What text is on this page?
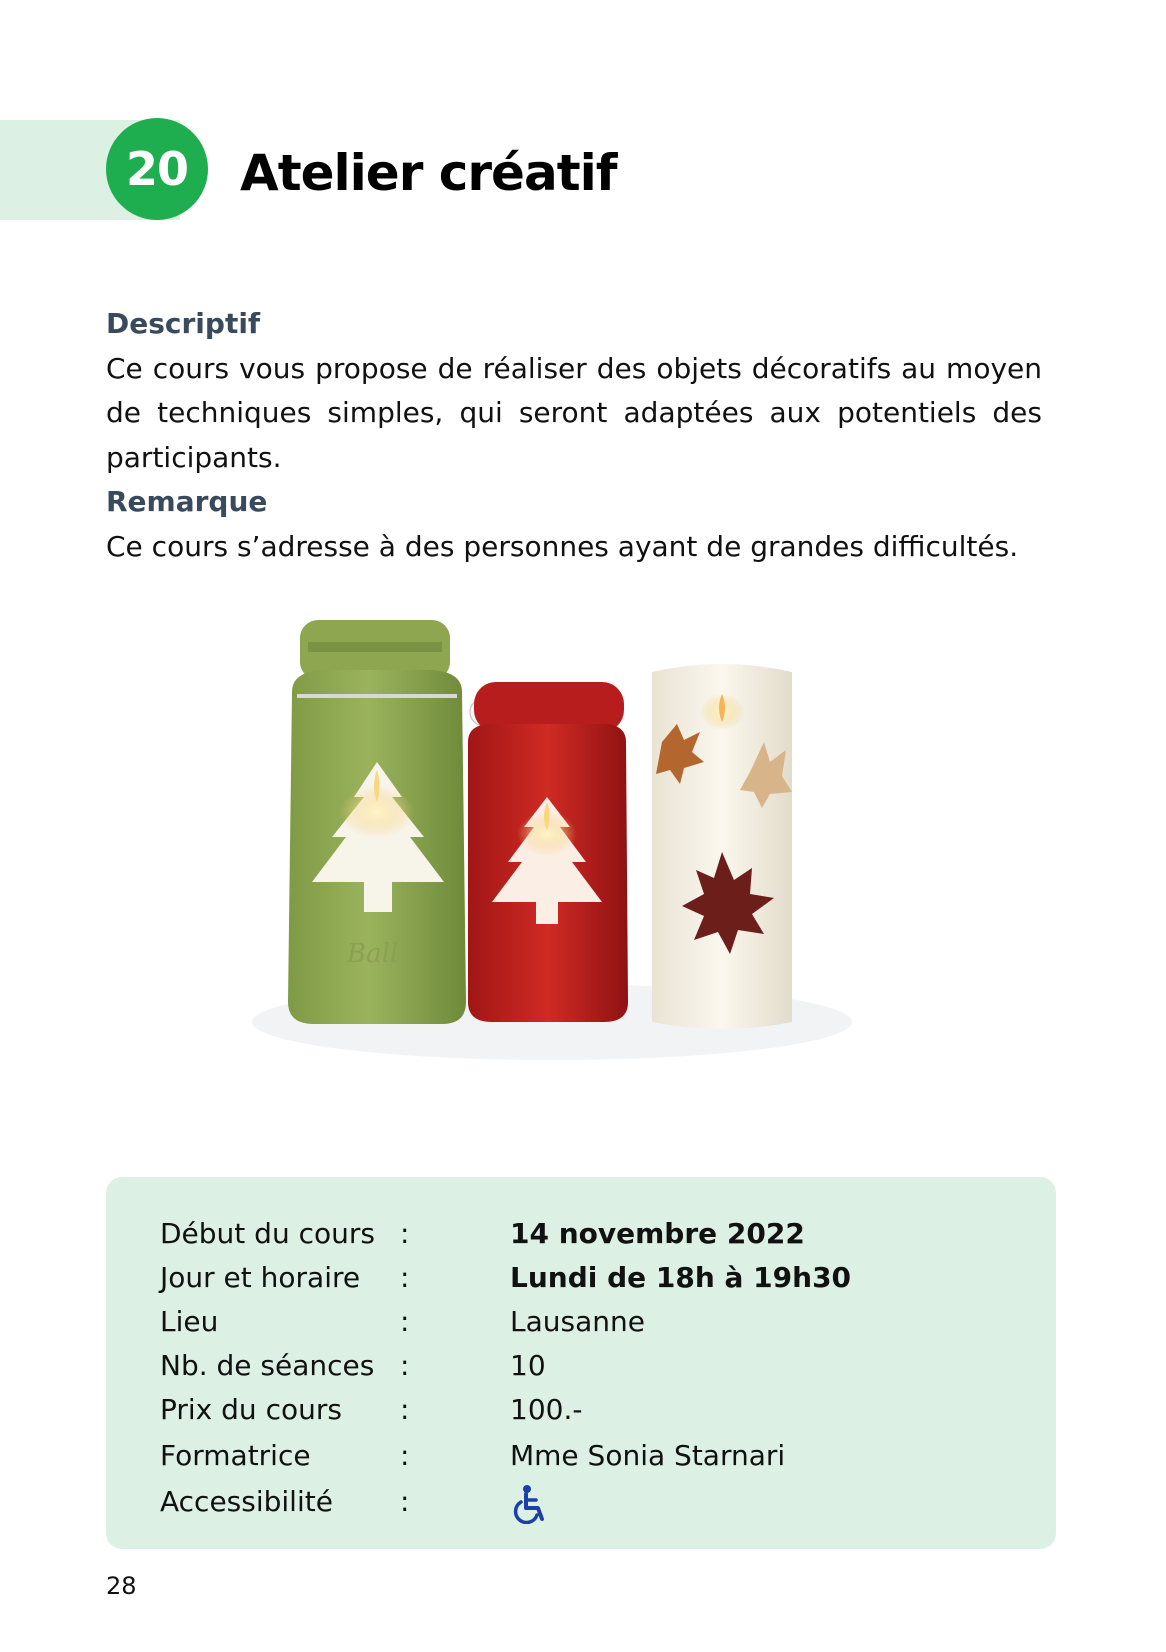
20	Atelier créatif
Descriptif

Ce cours vous propose de réaliser des objets décoratifs au moyen de techniques simples, qui seront adaptées aux potentiels des participants.

Remarque

Ce cours s’adresse à des personnes ayant de grandes difficultés.

Ball
Début du cours :	14 novembre 2022
Jour et horaire :	Lundi de 18h à 19h30
Lieu	:	Lausanne
Nb. de séances :	10
Prix du cours :	100.-
Formatrice	:	Mme Sonia Starnari
Accessibilité :
28
